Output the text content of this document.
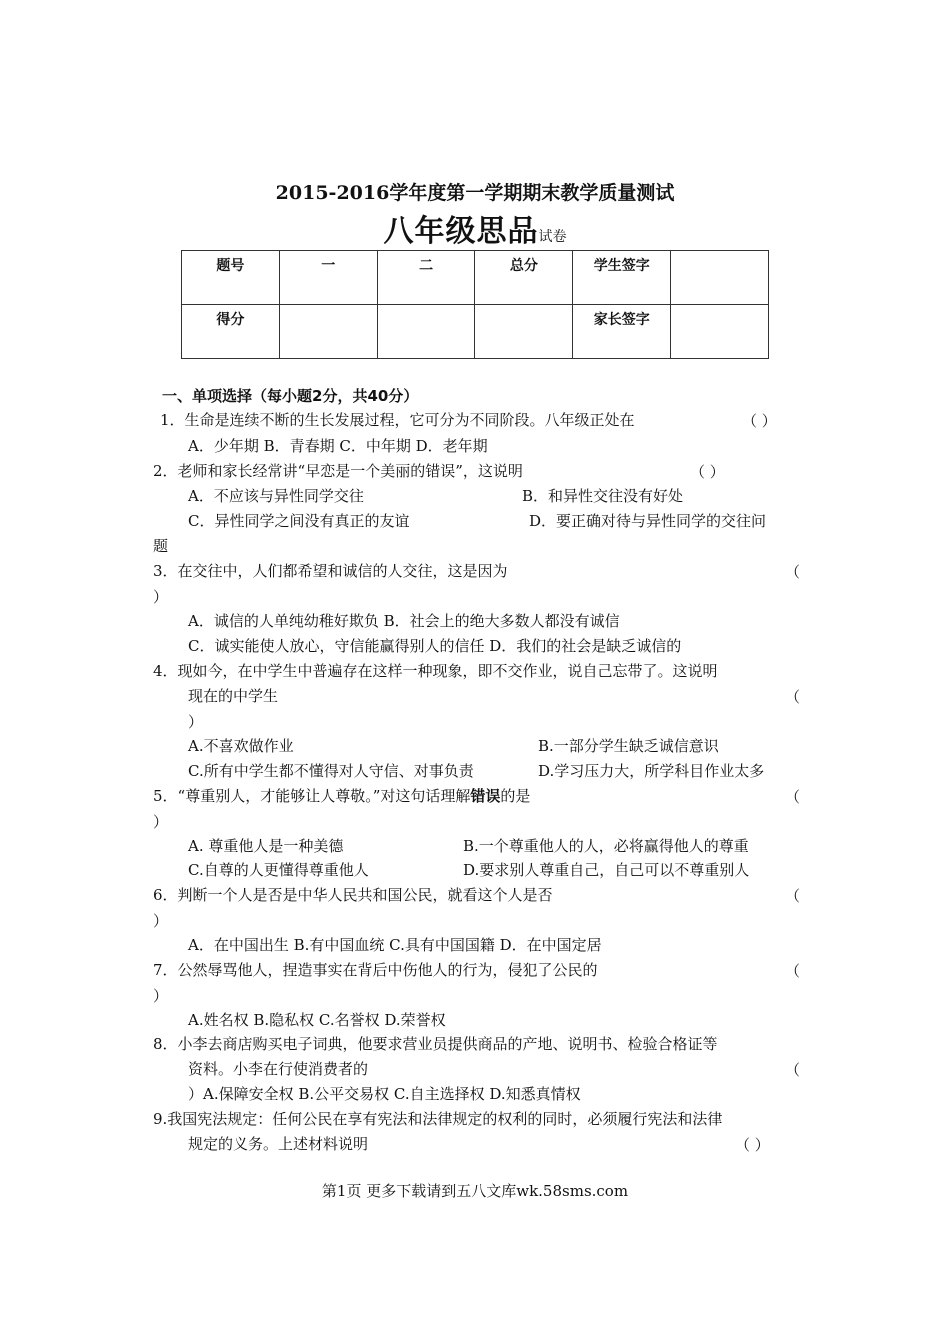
2015-2016学年度第一学期期末教学质量测试
八年级思品试卷
题号	一	二	总分	学生签字	
得分				家长签字	
一、单项选择（每小题2分，共40分）
1．生命是连续不断的生长发展过程，它可分为不同阶段。八年级正处在	（ ）
A．少年期 B．青春期 C．中年期 D．老年期
2．老师和家长经常讲“早恋是一个美丽的错误”，这说明	（ ）
A．不应该与异性同学交往	B．和异性交往没有好处
C．异性同学之间没有真正的友谊	D．要正确对待与异性同学的交往问
题
3．在交往中，人们都希望和诚信的人交往，这是因为	（
）
A．诚信的人单纯幼稚好欺负 B．社会上的绝大多数人都没有诚信
C．诚实能使人放心，守信能赢得别人的信任 D．我们的社会是缺乏诚信的
4．现如今，在中学生中普遍存在这样一种现象，即不交作业，说自己忘带了。这说明
现在的中学生	（
）
A.不喜欢做作业	B.一部分学生缺乏诚信意识
C.所有中学生都不懂得对人守信、对事负责	D.学习压力大，所学科目作业太多
5．“尊重别人，才能够让人尊敬。”对这句话理解错误的是	（
）
A. 尊重他人是一种美德	B.一个尊重他人的人，必将赢得他人的尊重
C.自尊的人更懂得尊重他人	D.要求别人尊重自己，自己可以不尊重别人
6．判断一个人是否是中华人民共和国公民，就看这个人是否	（
）
A．在中国出生 B.有中国血统 C.具有中国国籍 D．在中国定居
7．公然辱骂他人，捏造事实在背后中伤他人的行为，侵犯了公民的	（
）
A.姓名权 B.隐私权 C.名誉权 D.荣誉权
8．小李去商店购买电子词典，他要求营业员提供商品的产地、说明书、检验合格证等
资料。小李在行使消费者的	（
）A.保障安全权 B.公平交易权 C.自主选择权 D.知悉真情权
9.我国宪法规定：任何公民在享有宪法和法律规定的权利的同时，必须履行宪法和法律
规定的义务。上述材料说明	（ ）
第1页 更多下载请到五八文库wk.58sms.com
